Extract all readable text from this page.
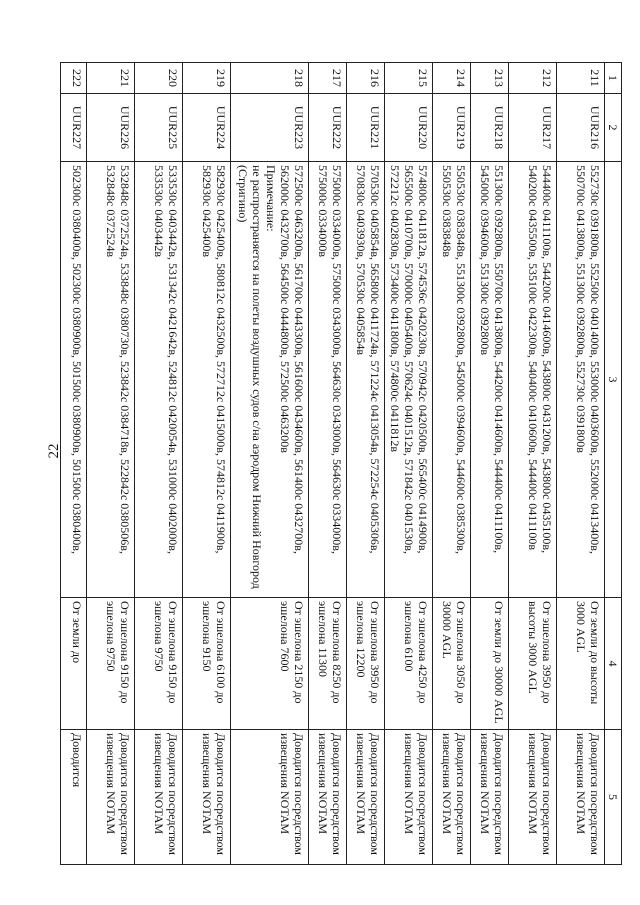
22
1	2	3	4	5
211	UUR216	552730с 0391800в, 552500с 0401400в, 553000с 0403600в, 552000с 0413400в, 550700с 0413800в, 551300с 0392800в, 552730с 0391800в	От земли до высоты 3000 AGL	Доводится посредством извещения NOTAM
212	UUR217	544400с 0411100в, 544200с 0414600в, 543800с 0431200в, 543800с 0435100в, 540200с 0435500в, 535100с 0422300в, 540400с 0410600в, 544400с 0411100в	От эшелона 3950 до высоты 3000 AGL	Доводится посредством извещения NOTAM
213	UUR218	551300с 0392800в, 550700с 0413800в, 544200с 0414600в, 544400с 0411100в, 545000с 0394600в, 551300с 0392800в	От земли до 30000 AGL	Доводится посредством извещения NOTAM
214	UUR219	550530с 0383848в, 551300с 0392800в, 545000с 0394600в, 544600с 0385300в, 550530с 0383848в	От эшелона 3050 до 30000 AGL	Доводится посредством извещения NOTAM
215	UUR220	574800с 0411812в, 574536с 0420230в, 570942с 0420500в, 565400с 0414900в, 565500с 0410700в, 570000с 0405400в, 570624с 0401512в, 571842с 0401530в, 572212с 0402830в, 573400с 0411800в, 574800с 0411812в	От эшелона 4250 до эшелона 6100	Доводится посредством извещения NOTAM
216	UUR221	570530с 0405854в, 565800с 0411724в, 571224с 0413054в, 572254с 0405306в, 570830с 0403930в, 570530с 0405854в	От эшелона 3950 до эшелона 12200	Доводится посредством извещения NOTAM
217	UUR222	575000с 0334000в, 575000с 0343000в, 564630с 0343000в, 564630с 0334000в, 575000с 0334000в	От эшелона 8250 до эшелона 11300	Доводится посредством извещения NOTAM
218	UUR223	572500с 0463200в, 561700с 0443300в, 561600с 0434600в, 561400с 0432700в, 562000с 0432700в, 564500с 0444800в, 572500с 0463200в
Примечание:
не распространяется на полеты воздушных судов с/на аэродром Нижний Новгород (Стригино)	От эшелона 2150 до эшелона 7600	Доводится посредством извещения NOTAM
219	UUR224	582930с 0425400в, 580812с 0432500в, 572712с 0415000в, 574812с 0411900в, 582930с 0425400в	От эшелона 6100 до эшелона 9150	Доводится посредством извещения NOTAM
220	UUR225	533530с 0403442в, 531342с 0421642в, 524812с 0420054в, 531000с 0402000в, 533530с 0403442в	От эшелона 9150 до эшелона 9750	Доводится посредством извещения NOTAM
221	UUR226	532848с 0372524в, 533848с 0380730в, 523842с 0384718в, 522842с 0380506в, 532848с 0372524в	От эшелона 9150 до эшелона 9750	Доводится посредством извещения NOTAM
222	UUR227	502300с 0380400в, 502300с 0380900в, 501500с 0380900в, 501500с 0380400в,	От земли до	Доводится
